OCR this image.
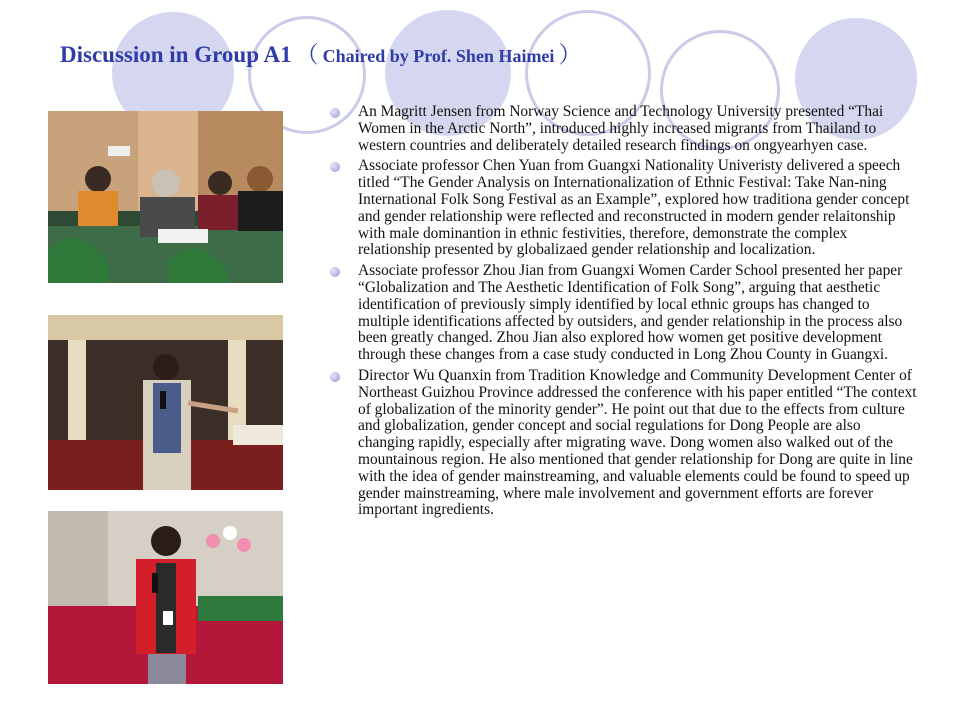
Discussion in Group A1 （ Chaired by Prof. Shen Haimei ）
An Magritt Jensen from Norway Science and Technology University presented “Thai Women in the Arctic North”, introduced highly increased migrants from Thailand to western countries and deliberately detailed research findings on ongyearhyen case.
Associate professor Chen Yuan from Guangxi Nationality Univeristy delivered a speech titled “The Gender Analysis on Internationalization of Ethnic Festival: Take Nan-ning International Folk Song Festival as an Example”, explored how traditiona gender concept and gender relationship were reflected and reconstructed in modern gender relaitonship with male dominantion in ethnic festivities, therefore, demonstrate the complex relationship presented by globalizaed gender relationship and localization.
Associate professor Zhou Jian from Guangxi Women Carder School presented her paper “Globalization and The Aesthetic Identification of Folk Song”, arguing that aesthetic identification of previously simply identified by local ethnic groups has changed to multiple identifications affected by outsiders, and gender relationship in the process also been greatly changed. Zhou Jian also explored how women get positive development through these changes from a case study conducted in Long Zhou County in Guangxi.
Director Wu Quanxin from Tradition Knowledge and Community Development Center of Northeast Guizhou Province addressed the conference with his paper entitled “The context of globalization of the minority gender”. He point out that due to the effects from culture and globalization, gender concept and social regulations for Dong People are also changing rapidly, especially after migrating wave. Dong women also walked out of the mountainous region. He also mentioned that gender relationship for Dong are quite in line with the idea of gender mainstreaming, and valuable elements could be found to speed up gender mainstreaming, where male involvement and government efforts are forever important ingredients.
